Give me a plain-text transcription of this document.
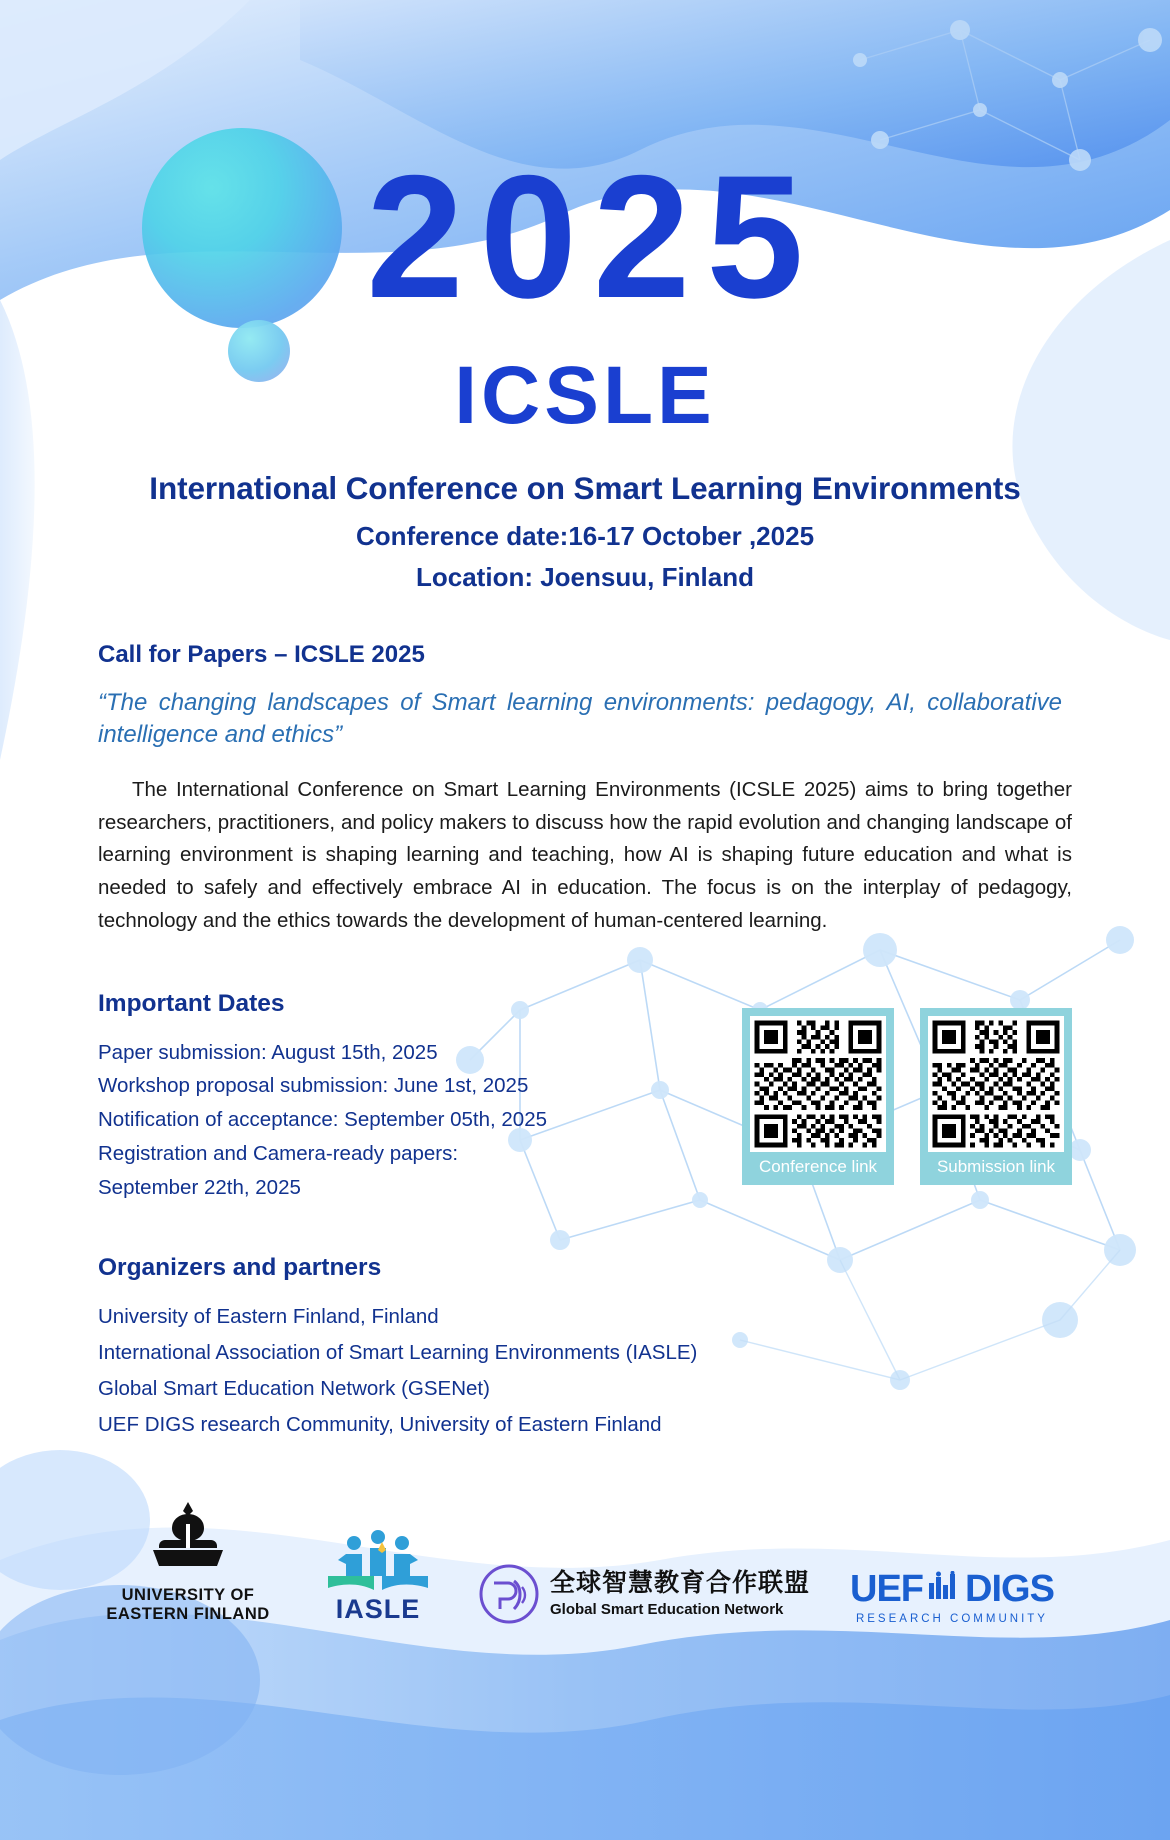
2025
ICSLE
International Conference on Smart Learning Environments
Conference date:16-17 October ,2025
Location: Joensuu, Finland
Call for Papers – ICSLE 2025
“The changing landscapes of Smart learning environments: pedagogy, AI, collaborative intelligence and ethics”

The International Conference on Smart Learning Environments (ICSLE 2025) aims to bring together researchers, practitioners, and policy makers to discuss how the rapid evolution and changing landscape of learning environment is shaping learning and teaching, how AI is shaping future education and what is needed to safely and effectively embrace AI in education. The focus is on the interplay of pedagogy, technology and the ethics towards the development of human-centered learning.

Important Dates
Paper submission: August 15th, 2025
Workshop proposal submission: June 1st, 2025
Notification of acceptance: September 05th, 2025
Registration and Camera-ready papers:
September 22th, 2025
Organizers and partners
University of Eastern Finland, Finland
International Association of Smart Learning Environments (IASLE)
Global Smart Education Network (GSENet)
UEF DIGS research Community, University of Eastern Finland
UNIVERSITY OF
EASTERN FINLAND	IASLE
全球智慧教育合作联盟
Global Smart Education Network	UEF DIGS
RESEARCH COMMUNITY
Conference link	Submission link
